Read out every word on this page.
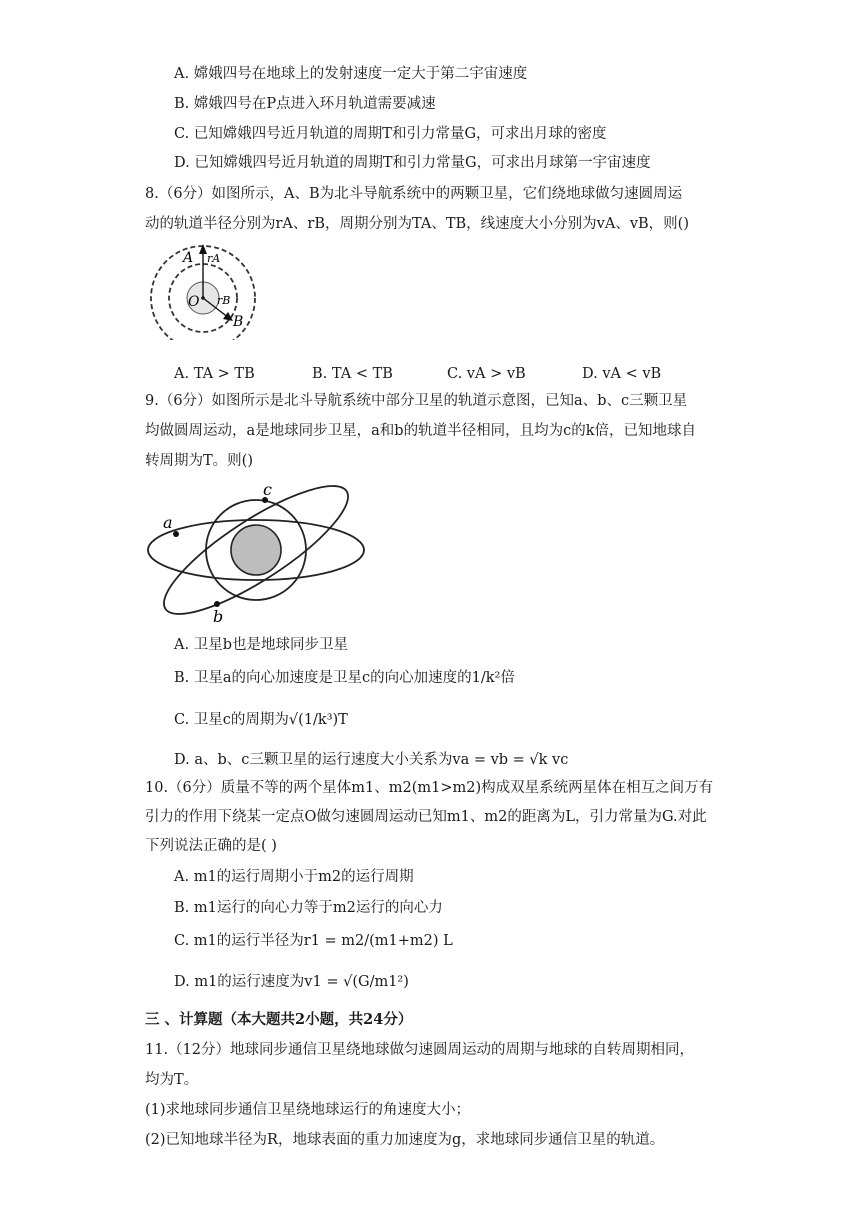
A. 嫦娥四号在地球上的发射速度一定大于第二宇宙速度
B. 嫦娥四号在P点进入环月轨道需要减速
C. 已知嫦娥四号近月轨道的周期T和引力常量G，可求出月球的密度
D. 已知嫦娥四号近月轨道的周期T和引力常量G，可求出月球第一宇宙速度
8.（6分）如图所示，A、B为北斗导航系统中的两颗卫星，它们绕地球做匀速圆周运
动的轨道半径分别为rA、rB，周期分别为TA、TB，线速度大小分别为vA、vB，则()
A rA
O rB
B
A. TA > TB	B. TA < TB	C. vA > vB	D. vA < vB
9.（6分）如图所示是北斗导航系统中部分卫星的轨道示意图，已知a、b、c三颗卫星
均做圆周运动，a是地球同步卫星，a和b的轨道半径相同，且均为c的k倍，已知地球自
转周期为T。则()
a
b
c
A. 卫星b也是地球同步卫星
B. 卫星a的向心加速度是卫星c的向心加速度的1/k²倍
C. 卫星c的周期为√(1/k³)T
D. a、b、c三颗卫星的运行速度大小关系为va = vb = √k vc
10.（6分）质量不等的两个星体m1、m2(m1>m2)构成双星系统两星体在相互之间万有
引力的作用下绕某一定点O做匀速圆周运动已知m1、m2的距离为L，引力常量为G.对此
下列说法正确的是( )
A. m1的运行周期小于m2的运行周期
B. m1运行的向心力等于m2运行的向心力
C. m1的运行半径为r1 = m2/(m1+m2) L
D. m1的运行速度为v1 = √(G/m1²)
三 、计算题（本大题共2小题，共24分）
11.（12分）地球同步通信卫星绕地球做匀速圆周运动的周期与地球的自转周期相同，
均为T。
(1)求地球同步通信卫星绕地球运行的角速度大小；
(2)已知地球半径为R，地球表面的重力加速度为g，求地球同步通信卫星的轨道。
